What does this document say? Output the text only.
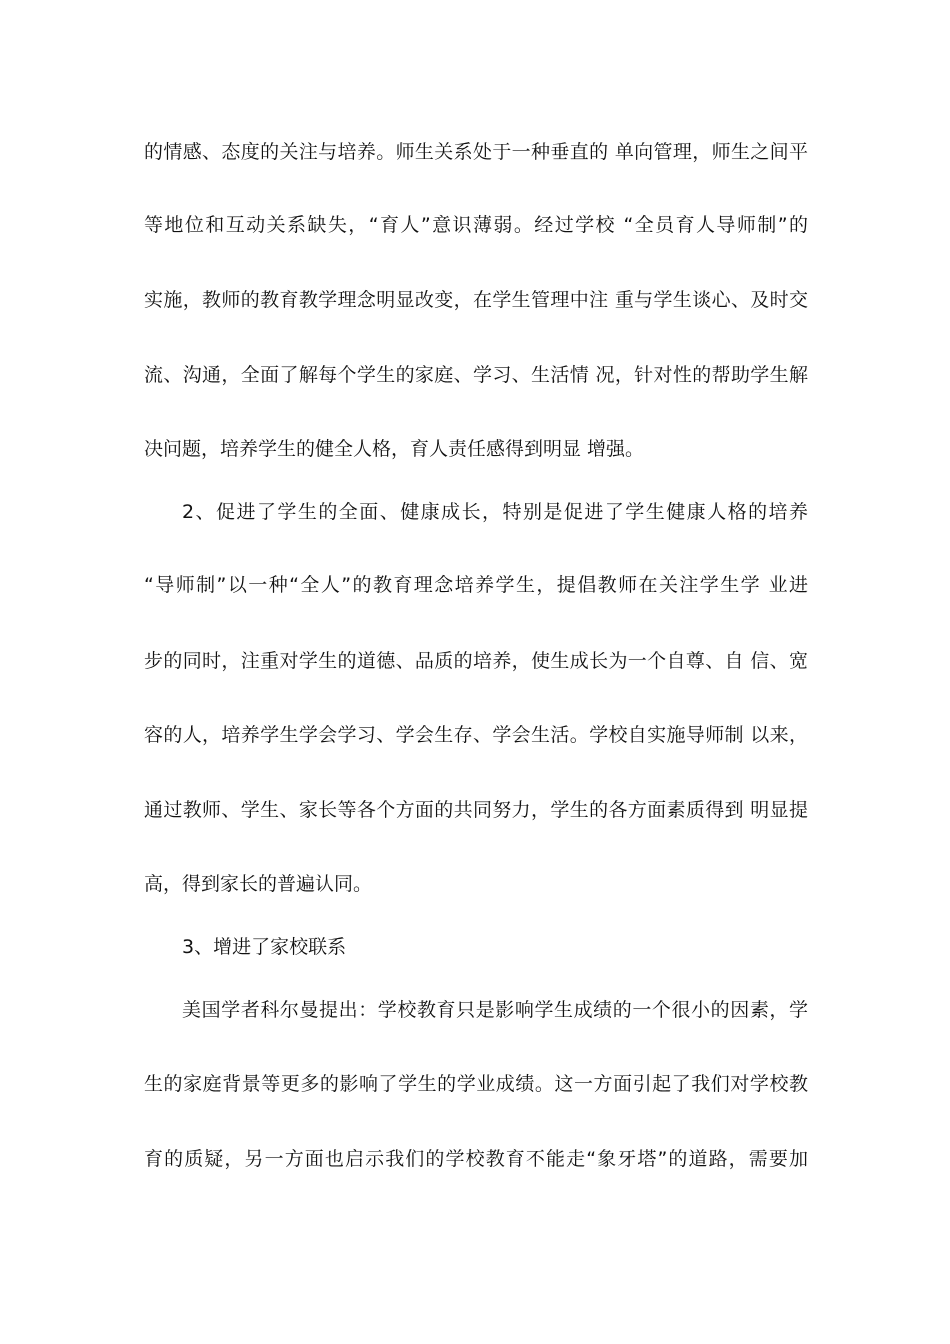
的情感、态度的关注与培养。师生关系处于一种垂直的 单向管理，师生之间平
等地位和互动关系缺失，“育人”意识薄弱。经过学校 “全员育人导师制”的
实施，教师的教育教学理念明显改变，在学生管理中注 重与学生谈心、及时交
流、沟通，全面了解每个学生的家庭、学习、生活情 况，针对性的帮助学生解
决问题，培养学生的健全人格，育人责任感得到明显 增强。
2、促进了学生的全面、健康成长，特别是促进了学生健康人格的培养
“导师制”以一种“全人”的教育理念培养学生，提倡教师在关注学生学 业进
步的同时，注重对学生的道德、品质的培养，使生成长为一个自尊、自 信、宽
容的人，培养学生学会学习、学会生存、学会生活。学校自实施导师制 以来，
通过教师、学生、家长等各个方面的共同努力，学生的各方面素质得到 明显提
高，得到家长的普遍认同。
3、增进了家校联系
美国学者科尔曼提出：学校教育只是影响学生成绩的一个很小的因素，学
生的家庭背景等更多的影响了学生的学业成绩。这一方面引起了我们对学校教
育的质疑，另一方面也启示我们的学校教育不能走“象牙塔”的道路，需要加
